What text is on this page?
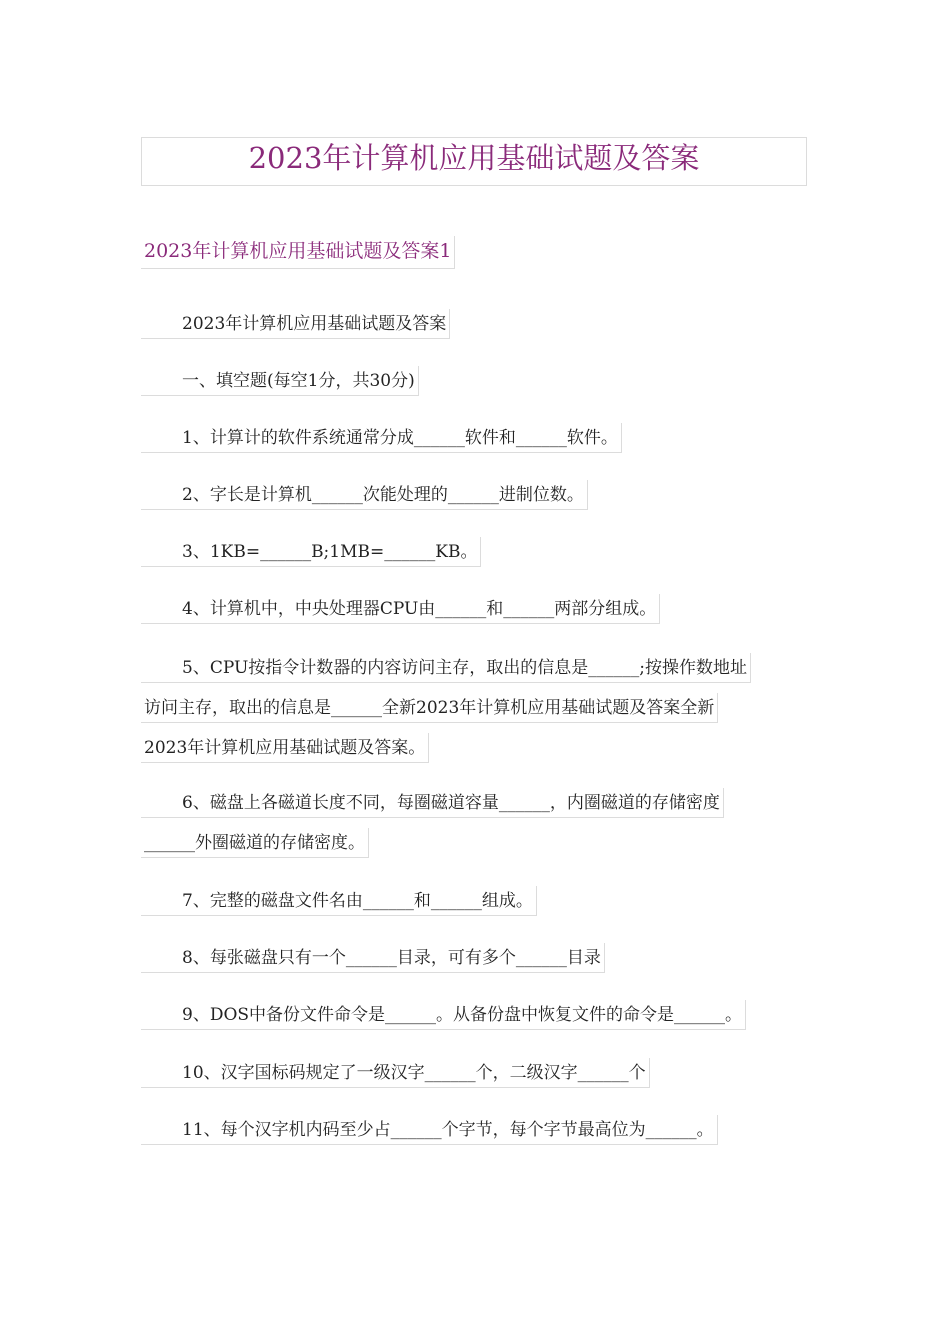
2023年计算机应用基础试题及答案
2023年计算机应用基础试题及答案1
2023年计算机应用基础试题及答案
一、填空题(每空1分，共30分)
1、计算计的软件系统通常分成______软件和______软件。
2、字长是计算机______次能处理的______进制位数。
3、1KB=______B;1MB=______KB。
4、计算机中，中央处理器CPU由______和______两部分组成。
5、CPU按指令计数器的内容访问主存，取出的信息是______;按操作数地址
访问主存，取出的信息是______全新2023年计算机应用基础试题及答案全新
2023年计算机应用基础试题及答案。
6、磁盘上各磁道长度不同，每圈磁道容量______，内圈磁道的存储密度
______外圈磁道的存储密度。
7、完整的磁盘文件名由______和______组成。
8、每张磁盘只有一个______目录，可有多个______目录
9、DOS中备份文件命令是______。从备份盘中恢复文件的命令是______。
10、汉字国标码规定了一级汉字______个，二级汉字______个
11、每个汉字机内码至少占______个字节，每个字节最高位为______。
